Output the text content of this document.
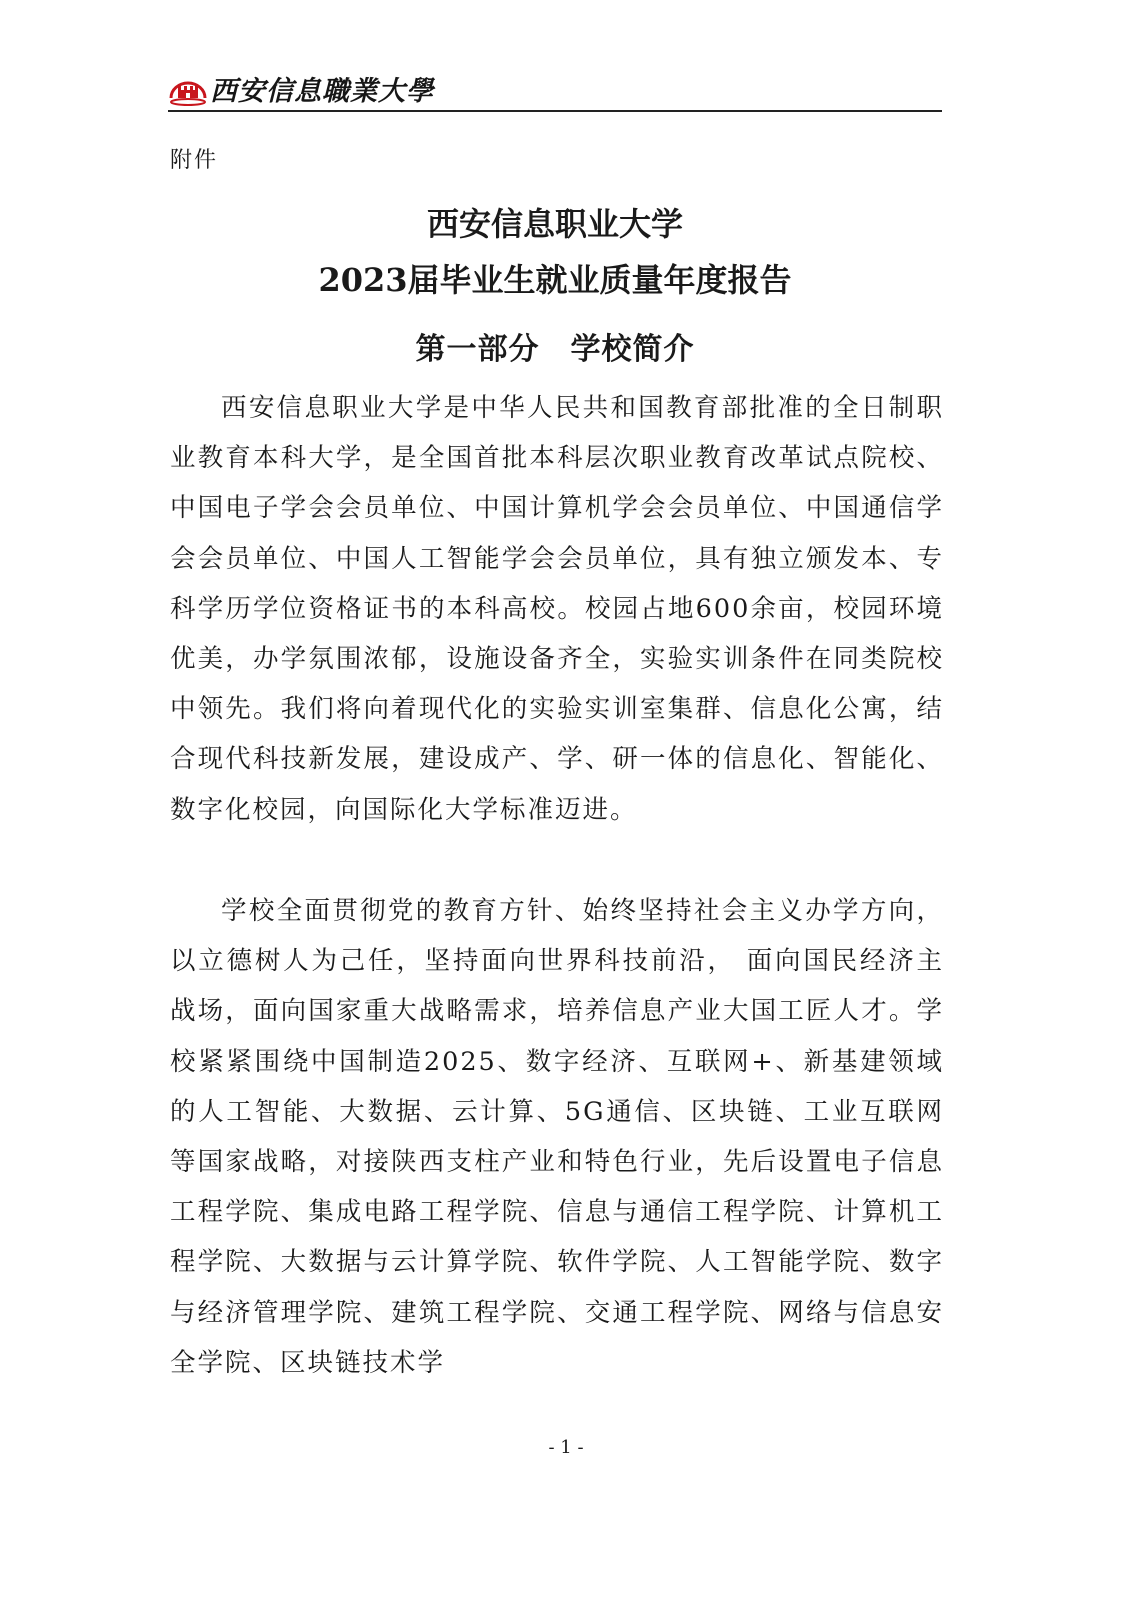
西安信息職業大學
附件
西安信息职业大学
2023届毕业生就业质量年度报告
第一部分　学校简介

西安信息职业大学是中华人民共和国教育部批准的全日制职业教育本科大学，是全国首批本科层次职业教育改革试点院校、中国电子学会会员单位、中国计算机学会会员单位、中国通信学会会员单位、中国人工智能学会会员单位，具有独立颁发本、专科学历学位资格证书的本科高校。校园占地600余亩，校园环境优美，办学氛围浓郁，设施设备齐全，实验实训条件在同类院校中领先。我们将向着现代化的实验实训室集群、信息化公寓，结合现代科技新发展，建设成产、学、研一体的信息化、智能化、数字化校园，向国际化大学标准迈进。

学校全面贯彻党的教育方针、始终坚持社会主义办学方向，以立德树人为己任，坚持面向世界科技前沿， 面向国民经济主战场，面向国家重大战略需求，培养信息产业大国工匠人才。学校紧紧围绕中国制造2025、数字经济、互联网+、新基建领域的人工智能、大数据、云计算、5G通信、区块链、工业互联网等国家战略，对接陕西支柱产业和特色行业，先后设置电子信息工程学院、集成电路工程学院、信息与通信工程学院、计算机工程学院、大数据与云计算学院、软件学院、人工智能学院、数字与经济管理学院、建筑工程学院、交通工程学院、网络与信息安全学院、区块链技术学

- 1 -
